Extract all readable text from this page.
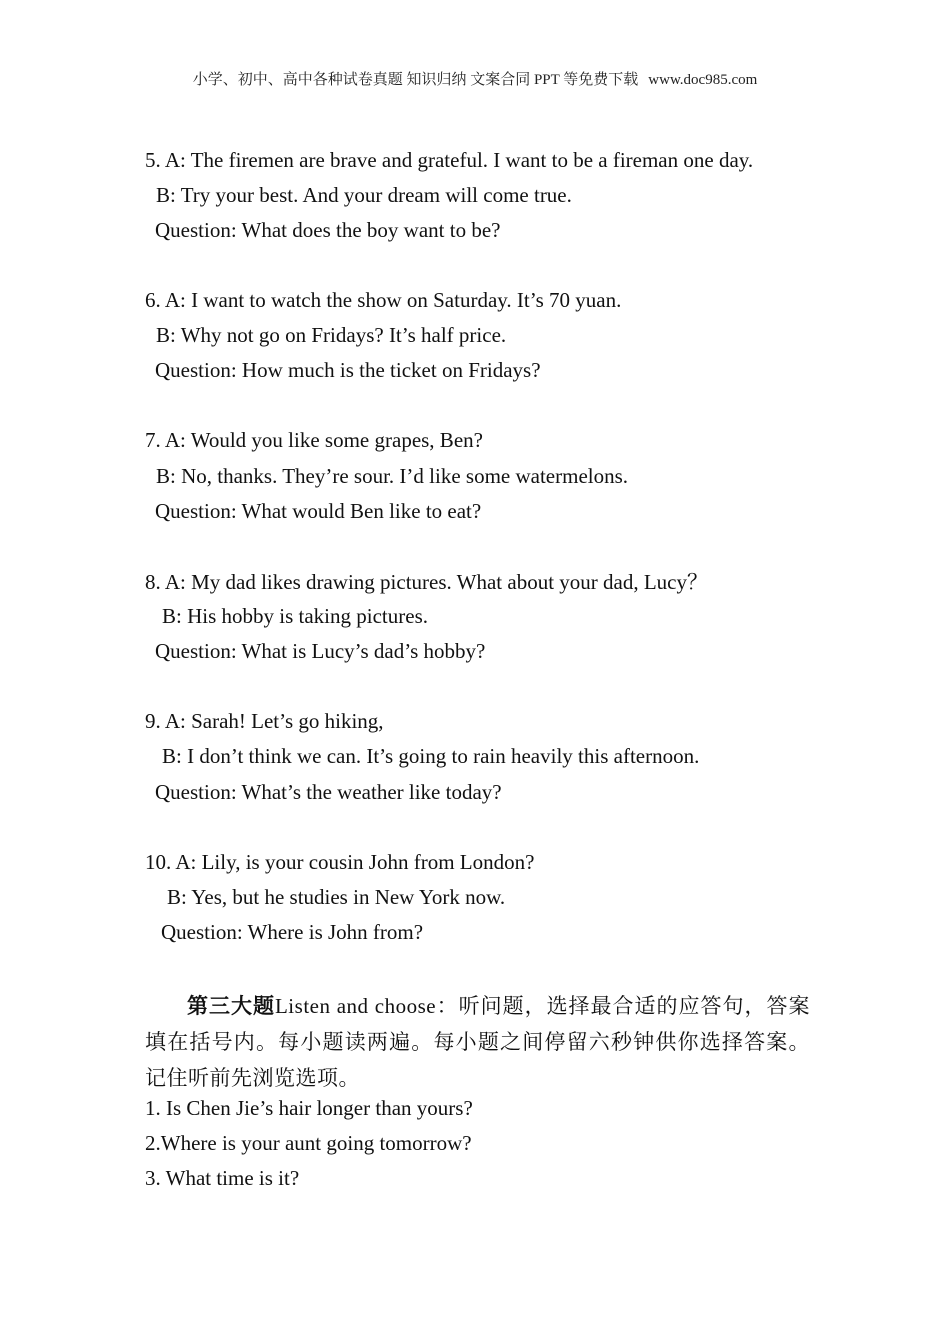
小学、初中、高中各种试卷真题 知识归纳 文案合同 PPT 等免费下载 www.doc985.com
5. A: The firemen are brave and grateful. I want to be a fireman one day.
B: Try your best. And your dream will come true.
Question: What does the boy want to be?
6. A: I want to watch the show on Saturday. It’s 70 yuan.
B: Why not go on Fridays? It’s half price.
Question: How much is the ticket on Fridays?
7. A: Would you like some grapes, Ben?
B: No, thanks. They’re sour. I’d like some watermelons.
Question: What would Ben like to eat?
8. A: My dad likes drawing pictures. What about your dad, Lucy？
B: His hobby is taking pictures.
Question: What is Lucy’s dad’s hobby?
9. A: Sarah! Let’s go hiking,
B: I don’t think we can. It’s going to rain heavily this afternoon.
Question: What’s the weather like today?
10. A: Lily, is your cousin John from London?
B: Yes, but he studies in New York now.
Question: Where is John from?
第三大题Listen and choose：听问题，选择最合适的应答句，答案填在括号内。每小题读两遍。每小题之间停留六秒钟供你选择答案。记住听前先浏览选项。
1. Is Chen Jie’s hair longer than yours?
2.Where is your aunt going tomorrow?
3. What time is it?
